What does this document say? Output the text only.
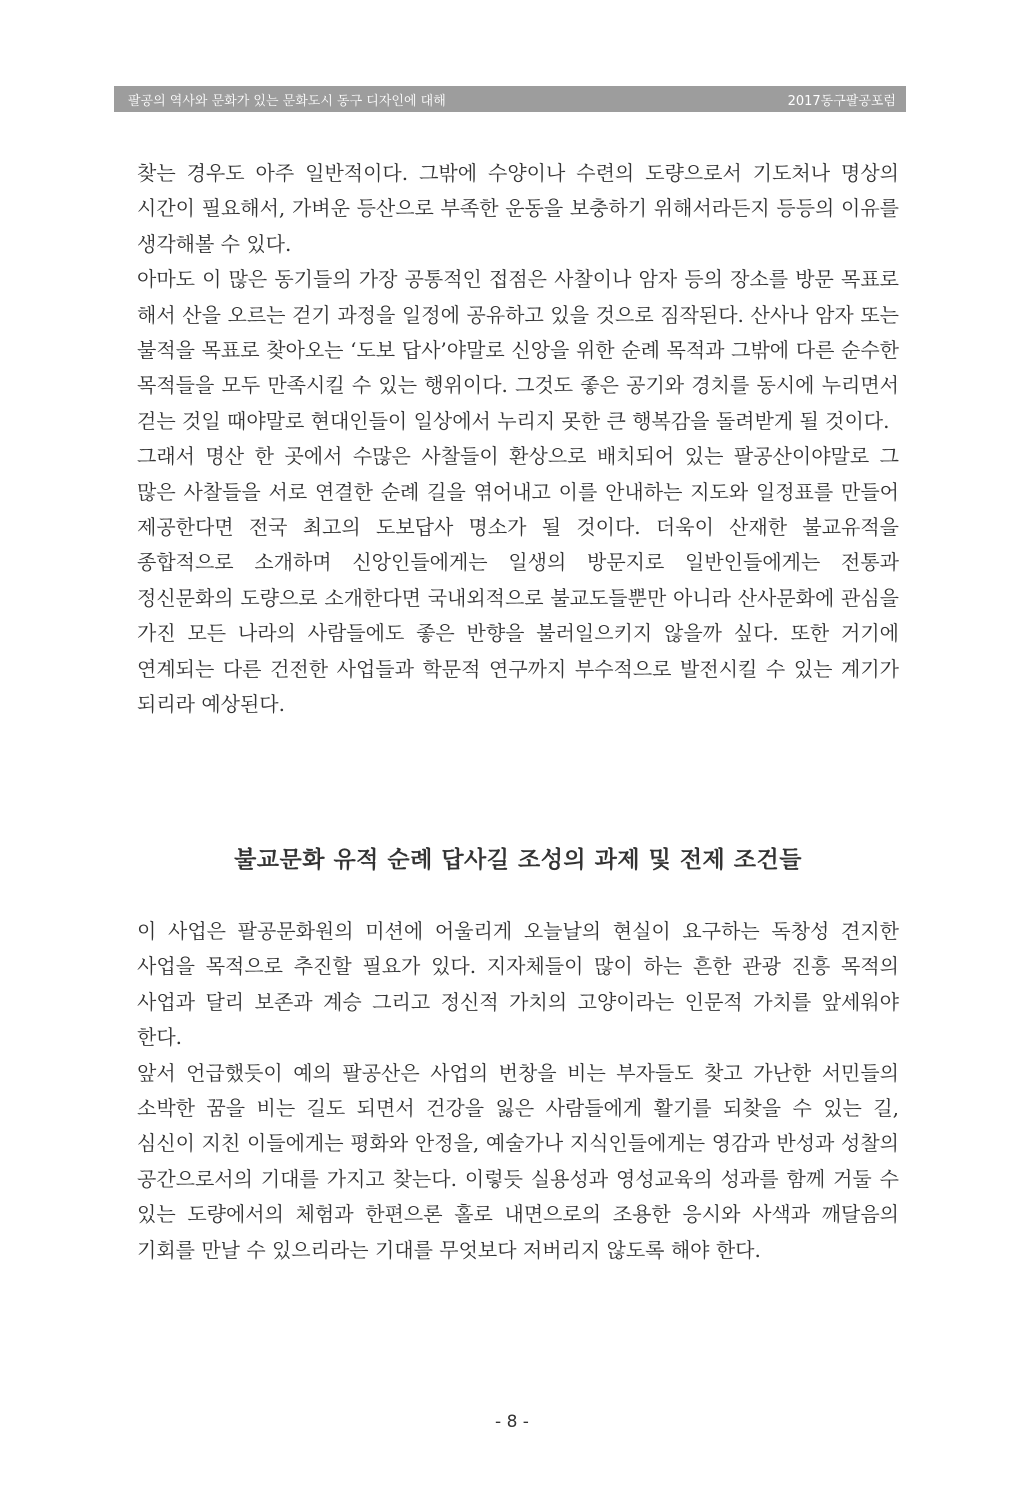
팔공의 역사와 문화가 있는 문화도시 동구 디자인에 대해	2017동구팔공포럼

찾는 경우도 아주 일반적이다. 그밖에 수양이나 수련의 도량으로서 기도처나 명상의 시간이 필요해서, 가벼운 등산으로 부족한 운동을 보충하기 위해서라든지 등등의 이유를 생각해볼 수 있다.

아마도 이 많은 동기들의 가장 공통적인 접점은 사찰이나 암자 등의 장소를 방문 목표로 해서 산을 오르는 걷기 과정을 일정에 공유하고 있을 것으로 짐작된다. 산사나 암자 또는 불적을 목표로 찾아오는 ‘도보 답사’야말로 신앙을 위한 순례 목적과 그밖에 다른 순수한 목적들을 모두 만족시킬 수 있는 행위이다. 그것도 좋은 공기와 경치를 동시에 누리면서 걷는 것일 때야말로 현대인들이 일상에서 누리지 못한 큰 행복감을 돌려받게 될 것이다.

그래서 명산 한 곳에서 수많은 사찰들이 환상으로 배치되어 있는 팔공산이야말로 그 많은 사찰들을 서로 연결한 순례 길을 엮어내고 이를 안내하는 지도와 일정표를 만들어 제공한다면 전국 최고의 도보답사 명소가 될 것이다. 더욱이 산재한 불교유적을 종합적으로 소개하며 신앙인들에게는 일생의 방문지로 일반인들에게는 전통과 정신문화의 도량으로 소개한다면 국내외적으로 불교도들뿐만 아니라 산사문화에 관심을 가진 모든 나라의 사람들에도 좋은 반향을 불러일으키지 않을까 싶다. 또한 거기에 연계되는 다른 건전한 사업들과 학문적 연구까지 부수적으로 발전시킬 수 있는 계기가 되리라 예상된다.

불교문화 유적 순례 답사길 조성의 과제 및 전제 조건들

이 사업은 팔공문화원의 미션에 어울리게 오늘날의 현실이 요구하는 독창성 견지한 사업을 목적으로 추진할 필요가 있다. 지자체들이 많이 하는 흔한 관광 진흥 목적의 사업과 달리 보존과 계승 그리고 정신적 가치의 고양이라는 인문적 가치를 앞세워야 한다.

앞서 언급했듯이 예의 팔공산은 사업의 번창을 비는 부자들도 찾고 가난한 서민들의 소박한 꿈을 비는 길도 되면서 건강을 잃은 사람들에게 활기를 되찾을 수 있는 길, 심신이 지친 이들에게는 평화와 안정을, 예술가나 지식인들에게는 영감과 반성과 성찰의 공간으로서의 기대를 가지고 찾는다. 이렇듯 실용성과 영성교육의 성과를 함께 거둘 수 있는 도량에서의 체험과 한편으론 홀로 내면으로의 조용한 응시와 사색과 깨달음의 기회를 만날 수 있으리라는 기대를 무엇보다 저버리지 않도록 해야 한다.

- 8 -
